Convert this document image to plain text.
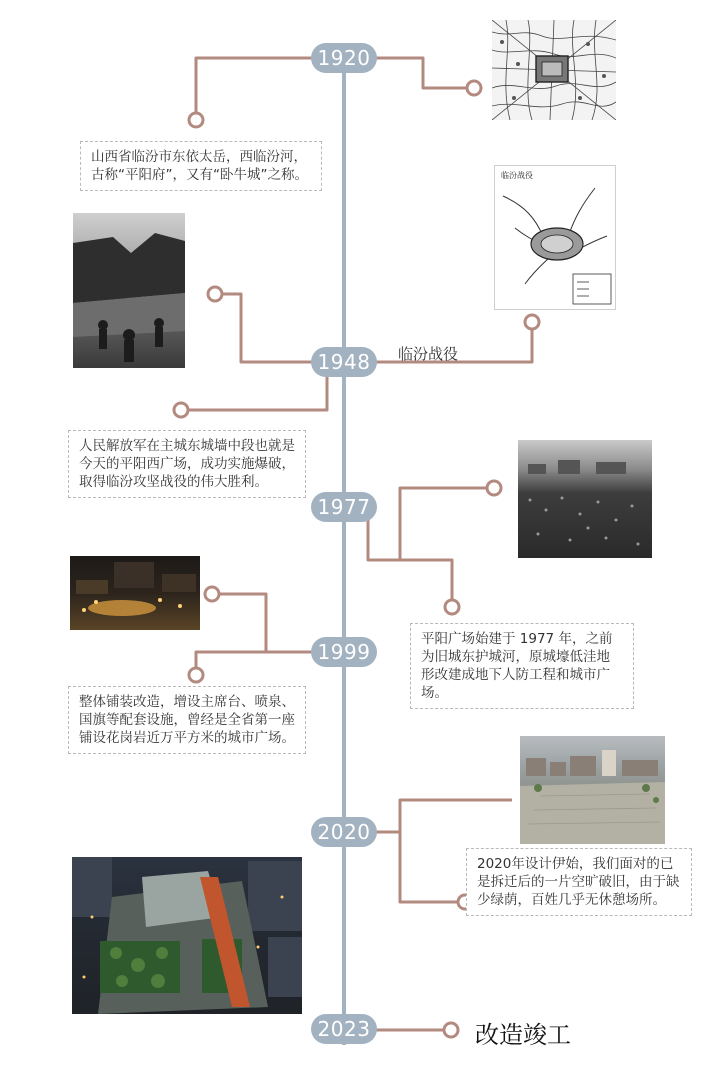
1920
1948
1977
1999
2020
2023
山西省临汾市东依太岳，西临汾河，古称“平阳府”，又有“卧牛城”之称。
人民解放军在主城东城墙中段也就是今天的平阳西广场，成功实施爆破，取得临汾攻坚战役的伟大胜利。
平阳广场始建于 1977 年，之前为旧城东护城河，原城壕低洼地形改建成地下人防工程和城市广场。
整体铺装改造，增设主席台、喷泉、国旗等配套设施，曾经是全省第一座铺设花岗岩近万平方米的城市广场。
2020年设计伊始，我们面对的已是拆迁后的一片空旷破旧，由于缺少绿荫，百姓几乎无休憩场所。
临汾战役
改造竣工
临汾战役
